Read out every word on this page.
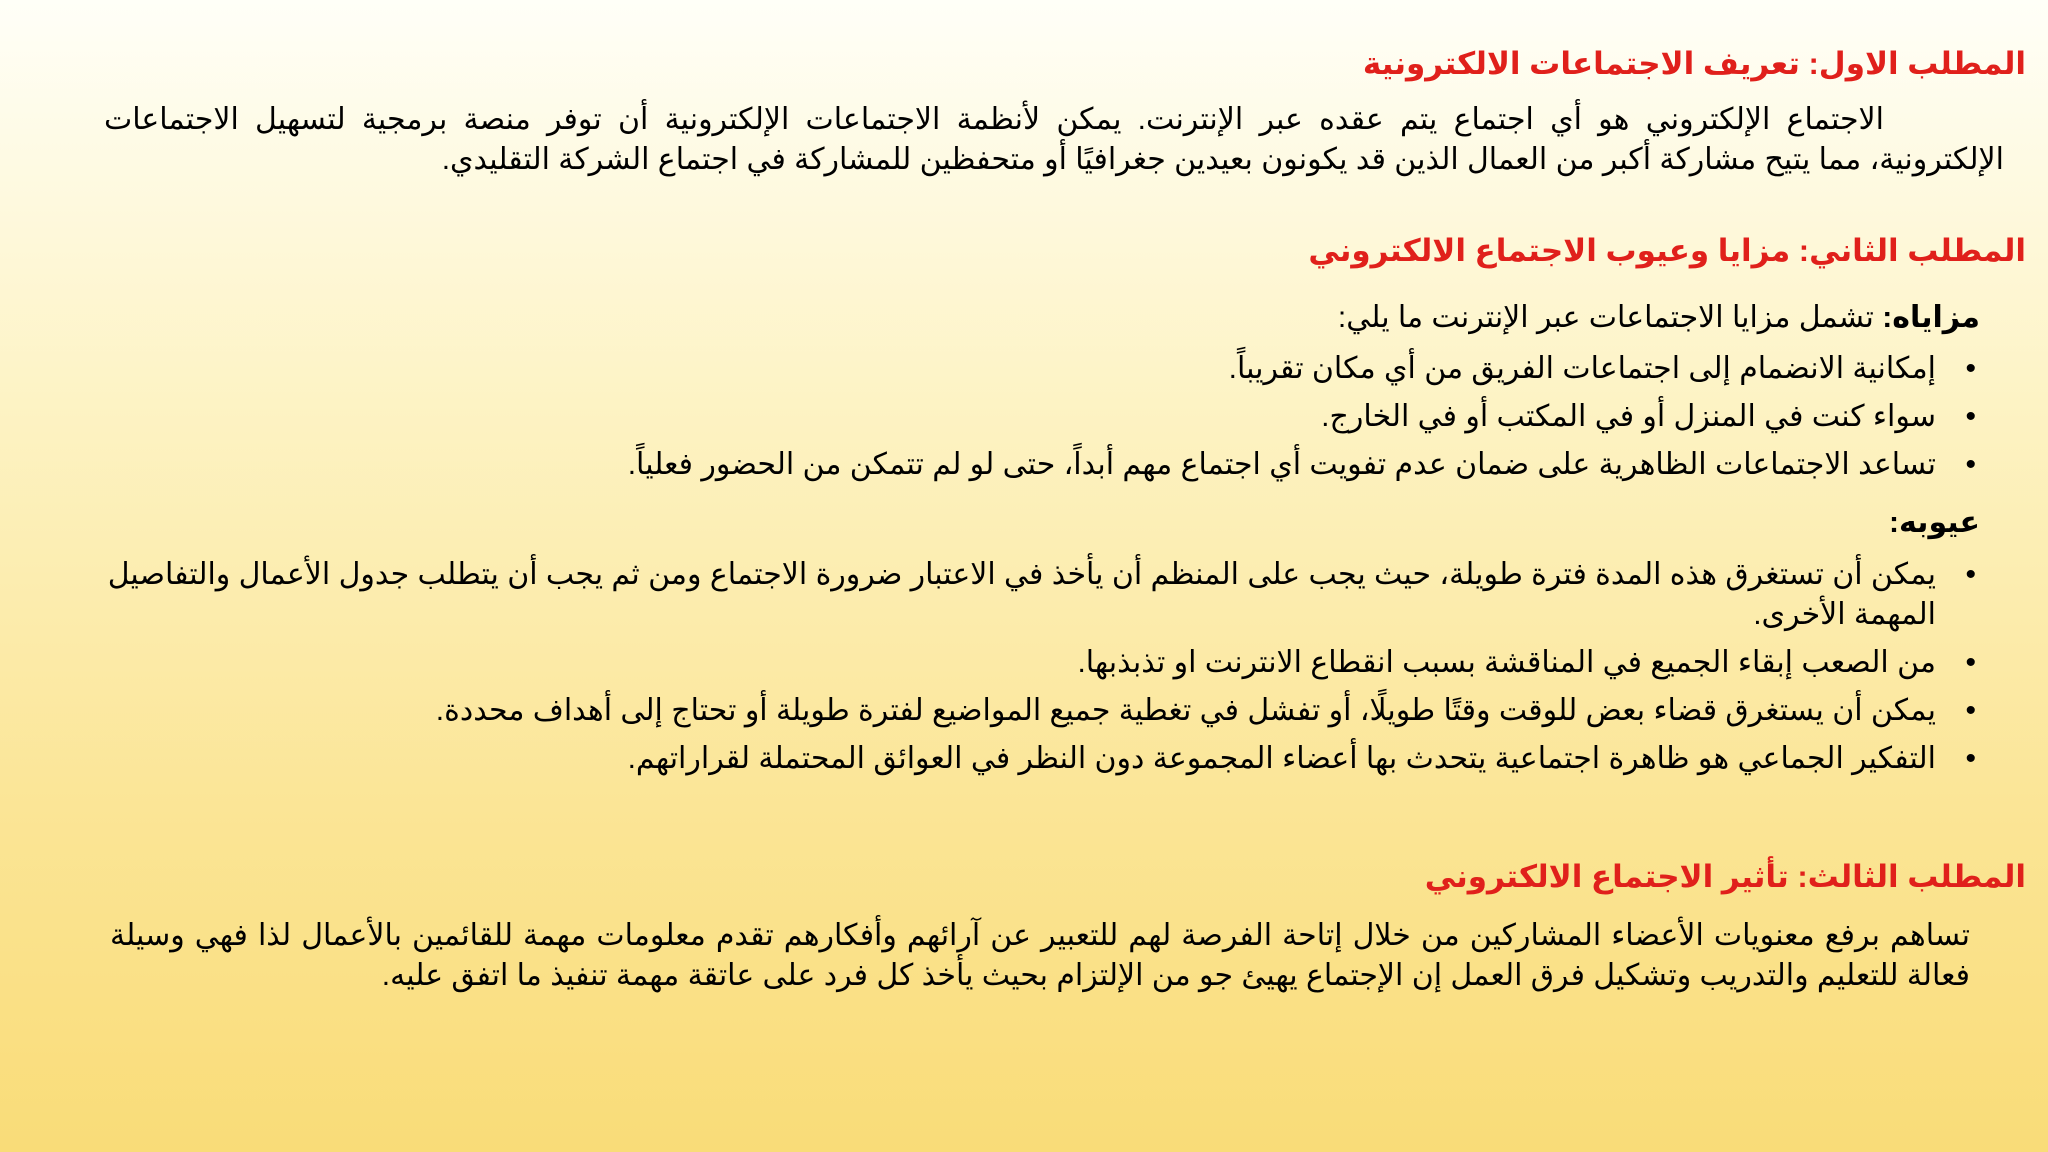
المطلب الاول: تعريف الاجتماعات الالكترونية
الاجتماع الإلكتروني هو أي اجتماع يتم عقده عبر الإنترنت. يمكن لأنظمة الاجتماعات الإلكترونية أن توفر منصة برمجية لتسهيل الاجتماعات الإلكترونية، مما يتيح مشاركة أكبر من العمال الذين قد يكونون بعيدين جغرافيًا أو متحفظين للمشاركة في اجتماع الشركة التقليدي.
المطلب الثاني: مزايا وعيوب الاجتماع الالكتروني
مزاياه: تشمل مزايا الاجتماعات عبر الإنترنت ما يلي:
• إمكانية الانضمام إلى اجتماعات الفريق من أي مكان تقريباً.
• سواء كنت في المنزل أو في المكتب أو في الخارج.
• تساعد الاجتماعات الظاهرية على ضمان عدم تفويت أي اجتماع مهم أبداً، حتى لو لم تتمكن من الحضور فعلياً.
عيوبه:
• يمكن أن تستغرق هذه المدة فترة طويلة، حيث يجب على المنظم أن يأخذ في الاعتبار ضرورة الاجتماع ومن ثم يجب أن يتطلب جدول الأعمال والتفاصيل المهمة الأخرى.
• من الصعب إبقاء الجميع في المناقشة بسبب انقطاع الانترنت او تذبذبها.
• يمكن أن يستغرق قضاء بعض للوقت وقتًا طويلًا، أو تفشل في تغطية جميع المواضيع لفترة طويلة أو تحتاج إلى أهداف محددة.
• التفكير الجماعي هو ظاهرة اجتماعية يتحدث بها أعضاء المجموعة دون النظر في العوائق المحتملة لقراراتهم.
المطلب الثالث: تأثير الاجتماع الالكتروني
تساهم برفع معنويات الأعضاء المشاركين من خلال إتاحة الفرصة لهم للتعبير عن آرائهم وأفكارهم تقدم معلومات مهمة للقائمين بالأعمال لذا فهي وسيلة فعالة للتعليم والتدريب وتشكيل فرق العمل إن الإجتماع يهيئ جو من الإلتزام بحيث يأخذ كل فرد على عاتقة مهمة تنفيذ ما اتفق عليه.
